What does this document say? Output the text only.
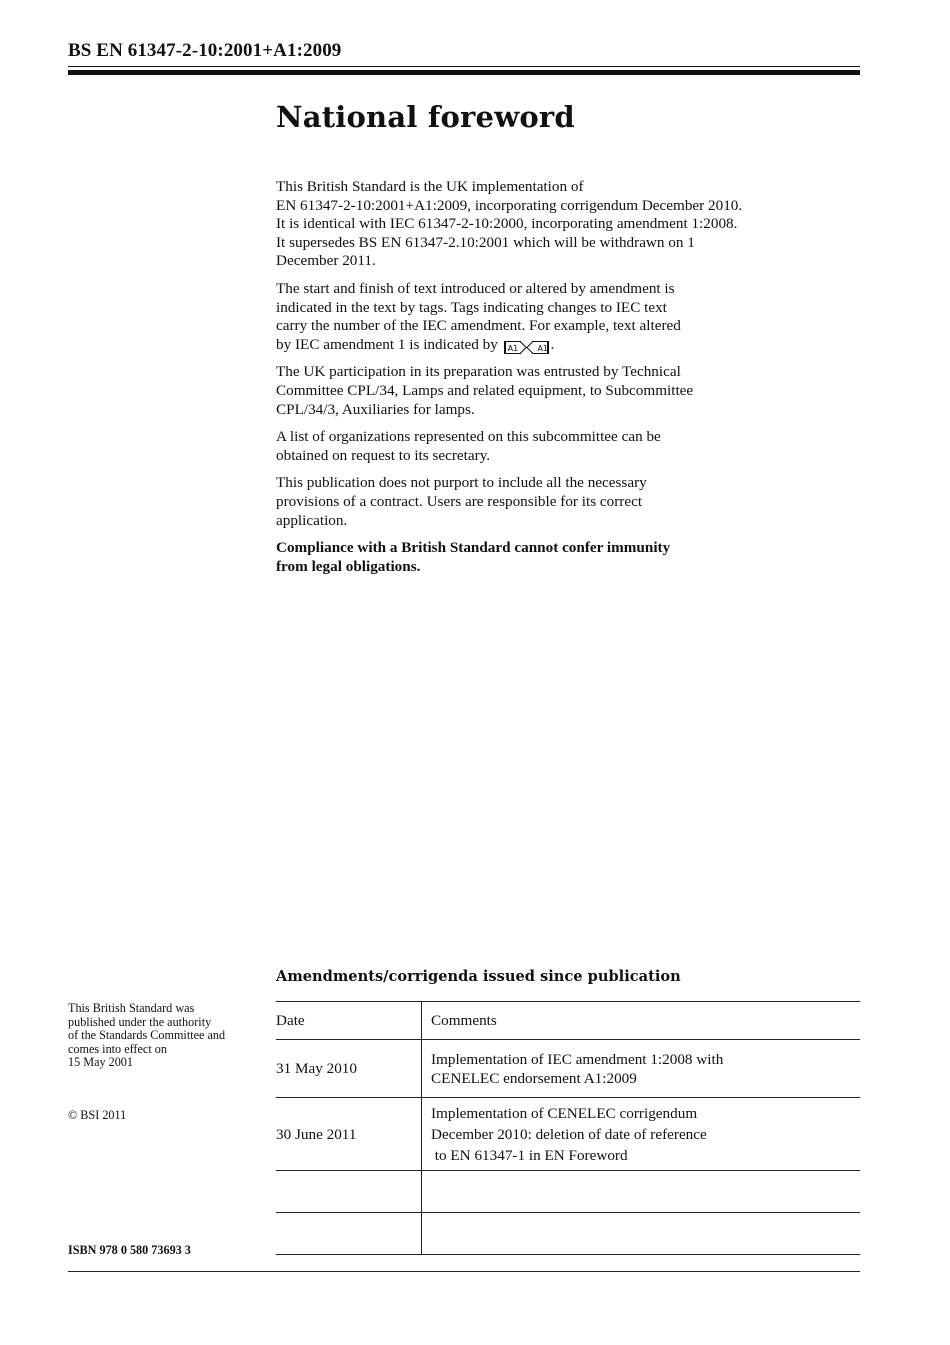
BS EN 61347-2-10:2001+A1:2009
National foreword

This British Standard is the UK implementation of
EN 61347-2-10:2001+A1:2009, incorporating corrigendum December 2010.
It is identical with IEC 61347-2-10:2000, incorporating amendment 1:2008.
It supersedes BS EN 61347-2.10:2001 which will be withdrawn on 1
December 2011.

The start and finish of text introduced or altered by amendment is
indicated in the text by tags. Tags indicating changes to IEC text
carry the number of the IEC amendment. For example, text altered
by IEC amendment 1 is indicated by A1 A1 .

The UK participation in its preparation was entrusted by Technical
Committee CPL/34, Lamps and related equipment, to Subcommittee
CPL/34/3, Auxiliaries for lamps.

A list of organizations represented on this subcommittee can be
obtained on request to its secretary.

This publication does not purport to include all the necessary
provisions of a contract. Users are responsible for its correct
application.

Compliance with a British Standard cannot confer immunity
from legal obligations.

Amendments/corrigenda issued since publication
This British Standard was
published under the authority
of the Standards Committee and
comes into effect on
15 May 2001
© BSI 2011
ISBN 978 0 580 73693 3
Date	Comments
31 May 2010	Implementation of IEC amendment 1:2008 with
CENELEC endorsement A1:2009

30 June 2011	Implementation of CENELEC corrigendum
December 2010: deletion of date of reference
to EN 61347-1 in EN Foreword
